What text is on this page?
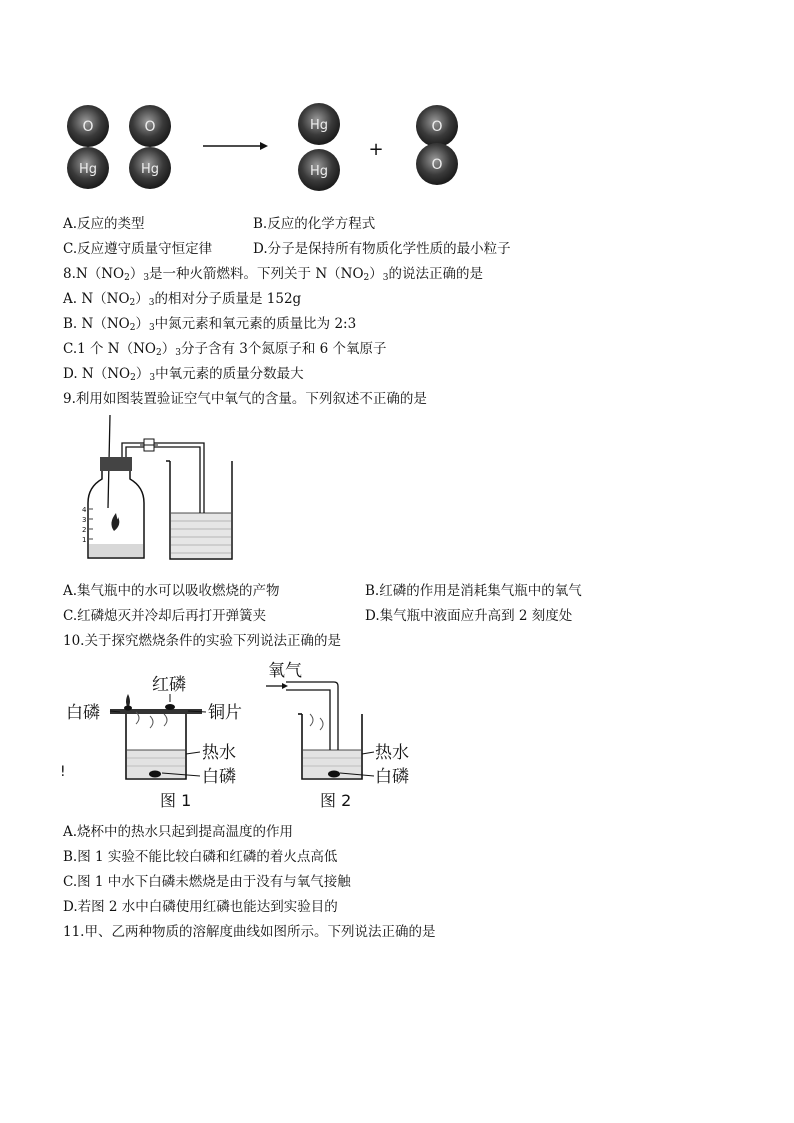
O
Hg
O
Hg
Hg
Hg
+
O
O
A.反应的类型	B.反应的化学方程式
C.反应遵守质量守恒定律	D.分子是保持所有物质化学性质的最小粒子
$8.N(NO_2)_3$是一种火箭燃料。下列关于 $N(NO_2)_3$的说法正确的是
A. $N(NO_2)_3$的相对分子质量是 152g
B. $N(NO_2)_3$中氮元素和氧元素的质量比为 2:3
C.1 个 $N(NO_2)_3$分子含有 3个氮原子和 6 个氧原子
D. $N(NO_2)_3$中氧元素的质量分数最大
9.利用如图装置验证空气中氧气的含量。下列叙述不正确的是
4
3
2
1
A.集气瓶中的水可以吸收燃烧的产物	B.红磷的作用是消耗集气瓶中的氧气
C.红磷熄灭并冷却后再打开弹簧夹	D.集气瓶中液面应升高到 2 刻度处
10.关于探究燃烧条件的实验下列说法正确的是
红磷
白磷	铜片
热水
白磷
图 1
!
氧气
热水
白磷
图 2
A.烧杯中的热水只起到提高温度的作用
B.图 1 实验不能比较白磷和红磷的着火点高低
C.图 1 中水下白磷未燃烧是由于没有与氧气接触
D.若图 2 水中白磷使用红磷也能达到实验目的
11.甲、乙两种物质的溶解度曲线如图所示。下列说法正确的是
